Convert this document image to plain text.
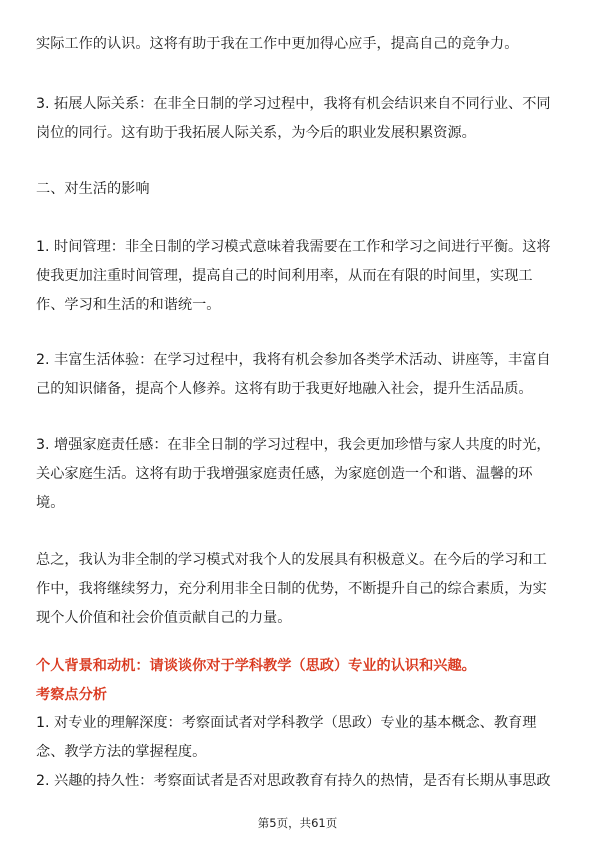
实际工作的认识。这将有助于我在工作中更加得心应手，提高自己的竞争力。
3. 拓展人际关系：在非全日制的学习过程中，我将有机会结识来自不同行业、不同
岗位的同行。这有助于我拓展人际关系，为今后的职业发展积累资源。
二、对生活的影响
1. 时间管理：非全日制的学习模式意味着我需要在工作和学习之间进行平衡。这将
使我更加注重时间管理，提高自己的时间利用率，从而在有限的时间里，实现工
作、学习和生活的和谐统一。
2. 丰富生活体验：在学习过程中，我将有机会参加各类学术活动、讲座等，丰富自
己的知识储备，提高个人修养。这将有助于我更好地融入社会，提升生活品质。
3. 增强家庭责任感：在非全日制的学习过程中，我会更加珍惜与家人共度的时光，
关心家庭生活。这将有助于我增强家庭责任感，为家庭创造一个和谐、温馨的环
境。
总之，我认为非全制的学习模式对我个人的发展具有积极意义。在今后的学习和工
作中，我将继续努力，充分利用非全日制的优势，不断提升自己的综合素质，为实
现个人价值和社会价值贡献自己的力量。
个人背景和动机：请谈谈你对于学科教学（思政）专业的认识和兴趣。
考察点分析
1. 对专业的理解深度：考察面试者对学科教学（思政）专业的基本概念、教育理
念、教学方法的掌握程度。
2. 兴趣的持久性：考察面试者是否对思政教育有持久的热情，是否有长期从事思政
第5页，共61页
